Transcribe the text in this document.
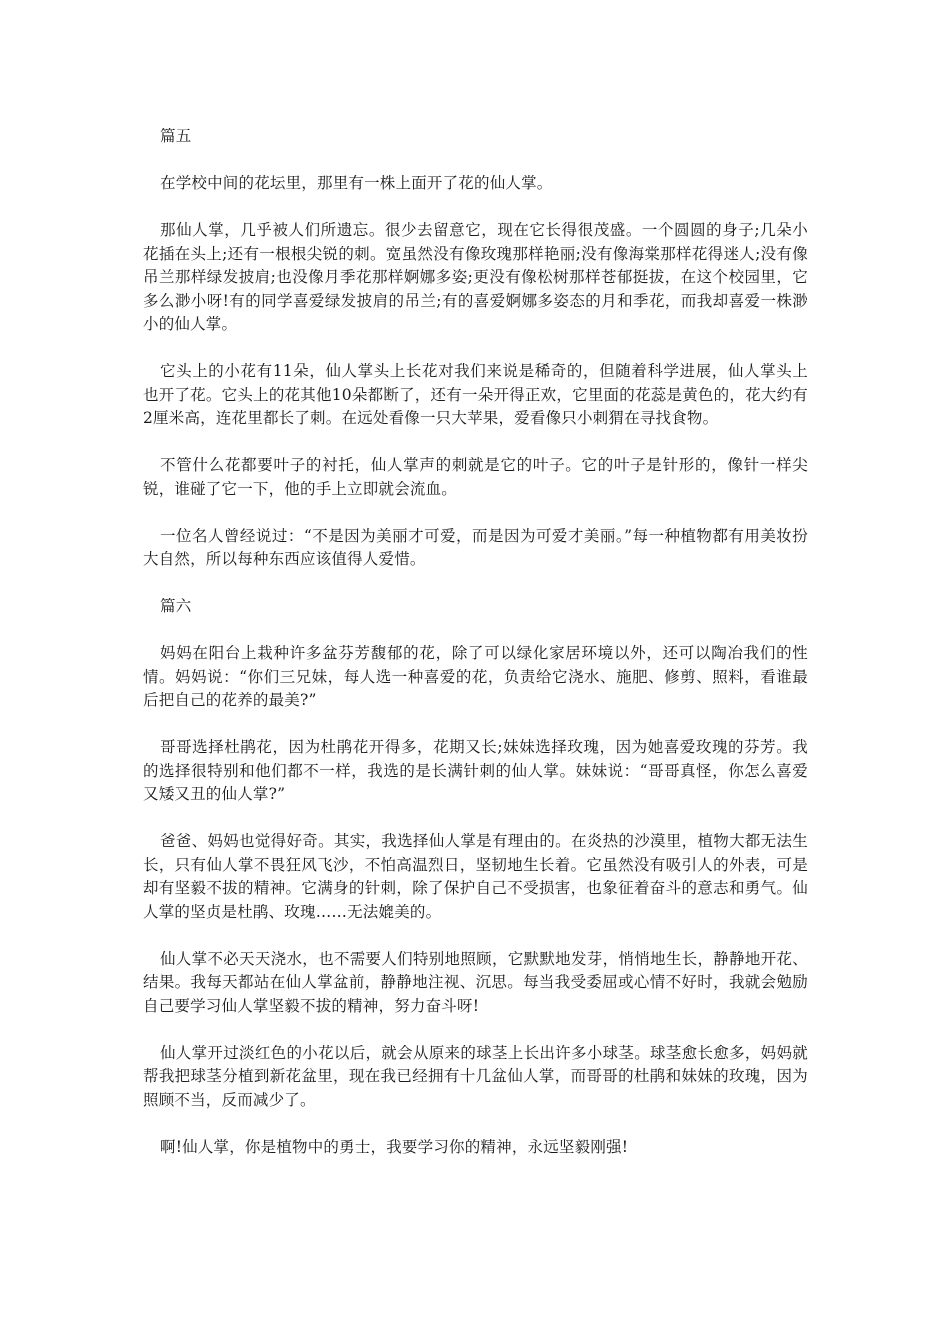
篇五

在学校中间的花坛里，那里有一株上面开了花的仙人掌。

那仙人掌，几乎被人们所遗忘。很少去留意它，现在它长得很茂盛。一个圆圆的身子;几朵小花插在头上;还有一根根尖锐的刺。宽虽然没有像玫瑰那样艳丽;没有像海棠那样花得迷人;没有像吊兰那样绿发披肩;也没像月季花那样婀娜多姿;更没有像松树那样苍郁挺拔，在这个校园里，它多么渺小呀!有的同学喜爱绿发披肩的吊兰;有的喜爱婀娜多姿态的月和季花，而我却喜爱一株渺小的仙人掌。

它头上的小花有11朵，仙人掌头上长花对我们来说是稀奇的，但随着科学进展，仙人掌头上也开了花。它头上的花其他10朵都断了，还有一朵开得正欢，它里面的花蕊是黄色的，花大约有2厘米高，连花里都长了刺。在远处看像一只大苹果，爱看像只小刺猬在寻找食物。

不管什么花都要叶子的衬托，仙人掌声的刺就是它的叶子。它的叶子是针形的，像针一样尖锐，谁碰了它一下，他的手上立即就会流血。

一位名人曾经说过：“不是因为美丽才可爱，而是因为可爱才美丽。”每一种植物都有用美妆扮大自然，所以每种东西应该值得人爱惜。

篇六

妈妈在阳台上栽种许多盆芬芳馥郁的花，除了可以绿化家居环境以外，还可以陶冶我们的性情。妈妈说：“你们三兄妹，每人选一种喜爱的花，负责给它浇水、施肥、修剪、照料，看谁最后把自己的花养的最美?”

哥哥选择杜鹃花，因为杜鹃花开得多，花期又长;妹妹选择玫瑰，因为她喜爱玫瑰的芬芳。我的选择很特别和他们都不一样，我选的是长满针刺的仙人掌。妹妹说：“哥哥真怪，你怎么喜爱又矮又丑的仙人掌?”

爸爸、妈妈也觉得好奇。其实，我选择仙人掌是有理由的。在炎热的沙漠里，植物大都无法生长，只有仙人掌不畏狂风飞沙，不怕高温烈日，坚韧地生长着。它虽然没有吸引人的外表，可是却有坚毅不拔的精神。它满身的针刺，除了保护自己不受损害，也象征着奋斗的意志和勇气。仙人掌的坚贞是杜鹃、玫瑰……无法媲美的。

仙人掌不必天天浇水，也不需要人们特别地照顾，它默默地发芽，悄悄地生长，静静地开花、结果。我每天都站在仙人掌盆前，静静地注视、沉思。每当我受委屈或心情不好时，我就会勉励自己要学习仙人掌坚毅不拔的精神，努力奋斗呀!

仙人掌开过淡红色的小花以后，就会从原来的球茎上长出许多小球茎。球茎愈长愈多，妈妈就帮我把球茎分植到新花盆里，现在我已经拥有十几盆仙人掌，而哥哥的杜鹃和妹妹的玫瑰，因为照顾不当，反而减少了。

啊!仙人掌，你是植物中的勇士，我要学习你的精神，永远坚毅刚强!
